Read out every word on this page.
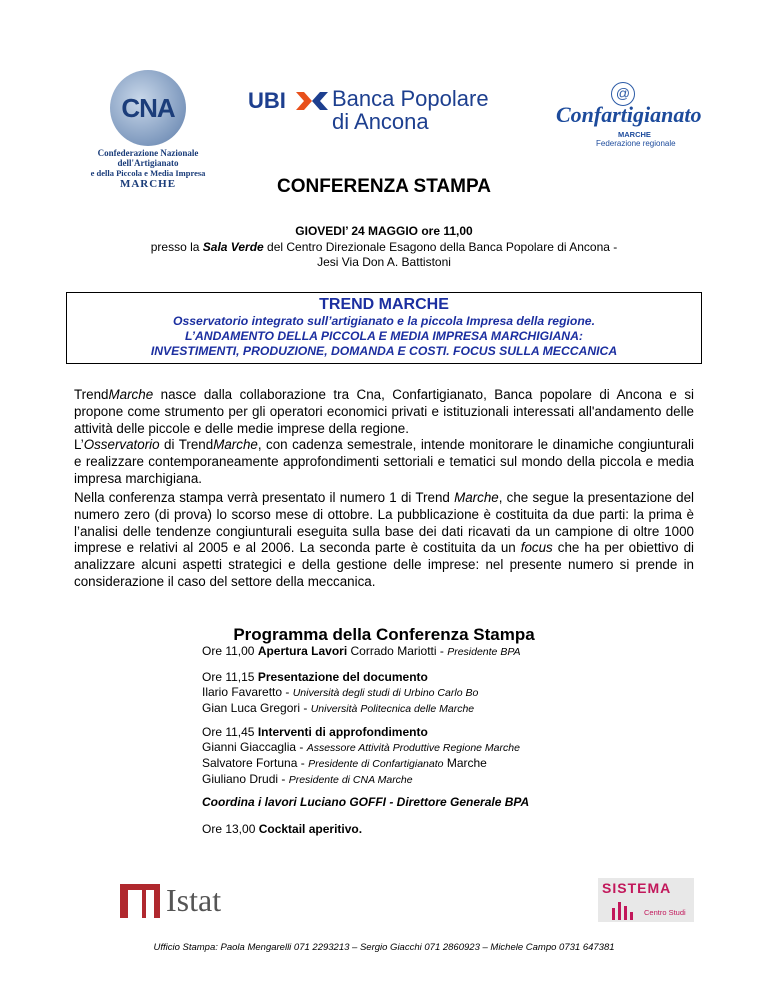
CNA
Confederazione Nazionale dell'Artigianato
e della Piccola e Media Impresa
MARCHE
UBI Banca Popolare
di Ancona
@
Confartigianato
MARCHE
Federazione regionale
CONFERENZA STAMPA
GIOVEDI’ 24 MAGGIO ore 11,00
presso la Sala Verde del Centro Direzionale Esagono della Banca Popolare di Ancona - Jesi Via Don A. Battistoni
TREND MARCHE
Osservatorio integrato sull’artigianato e la piccola Impresa della regione.
L’ANDAMENTO DELLA PICCOLA E MEDIA IMPRESA MARCHIGIANA:
INVESTIMENTI, PRODUZIONE, DOMANDA E COSTI. FOCUS SULLA MECCANICA
TrendMarche nasce dalla collaborazione tra Cna, Confartigianato, Banca popolare di Ancona e si propone come strumento per gli operatori economici privati e istituzionali interessati all'andamento delle attività delle piccole e delle medie imprese della regione.
L’Osservatorio di TrendMarche, con cadenza semestrale, intende monitorare le dinamiche congiunturali e realizzare contemporaneamente approfondimenti settoriali e tematici sul mondo della piccola e media impresa marchigiana.
Nella conferenza stampa verrà presentato il numero 1 di Trend Marche, che segue la presentazione del numero zero (di prova) lo scorso mese di ottobre. La pubblicazione è costituita da due parti: la prima è l’analisi delle tendenze congiunturali eseguita sulla base dei dati ricavati da un campione di oltre 1000 imprese e relativi al 2005 e al 2006. La seconda parte è costituita da un focus che ha per obiettivo di analizzare alcuni aspetti strategici e della gestione delle imprese: nel presente numero si prende in considerazione il caso del settore della meccanica.
Programma della Conferenza Stampa
Ore 11,00 Apertura Lavori Corrado Mariotti - Presidente BPA
Ore 11,15 Presentazione del documento
Ilario Favaretto - Università degli studi di Urbino Carlo Bo
Gian Luca Gregori - Università Politecnica delle Marche
Ore 11,45 Interventi di approfondimento
Gianni Giaccaglia - Assessore Attività Produttive Regione Marche
Salvatore Fortuna - Presidente di Confartigianato Marche
Giuliano Drudi - Presidente di CNA Marche
Coordina i lavori Luciano GOFFI - Direttore Generale BPA
Ore 13,00 Cocktail aperitivo.
Istat	SISTEMA
Centro Studi
Ufficio Stampa: Paola Mengarelli 071 2293213 – Sergio Giacchi 071 2860923 – Michele Campo 0731 647381
